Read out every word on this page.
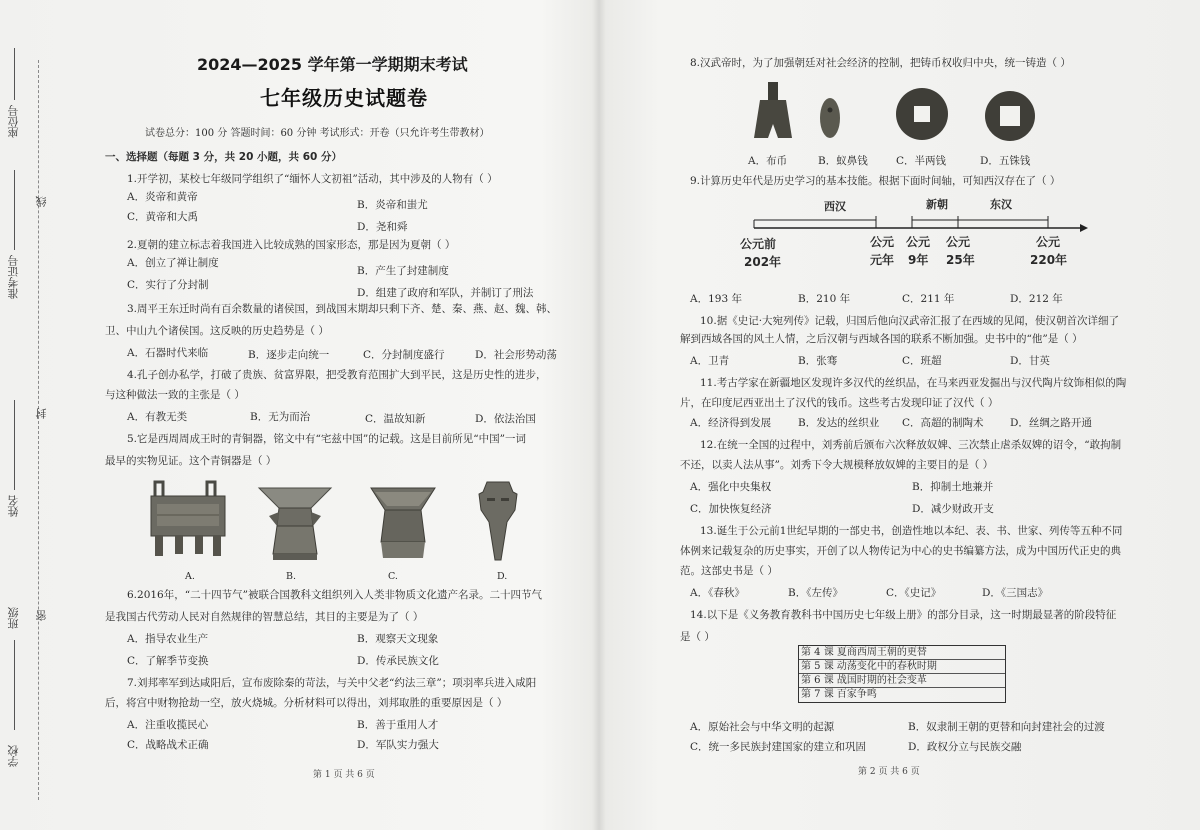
座位号
线
准考证号
封
姓名
班级 密
学校
2024—2025 学年第一学期期末考试
七年级历史试题卷
试卷总分：100 分 答题时间：60 分钟 考试形式：开卷（只允许考生带教材）
一、选择题（每题 3 分，共 20 小题，共 60 分）
1.开学初，某校七年级同学组织了“缅怀人文初祖”活动，其中涉及的人物有（ ）
A．炎帝和黄帝
B．炎帝和蚩尤
C．黄帝和大禹
D．尧和舜
2.夏朝的建立标志着我国进入比较成熟的国家形态，那是因为夏朝（ ）
A．创立了禅让制度
B．产生了封建制度
C．实行了分封制
D．组建了政府和军队，并制订了刑法
3.周平王东迁时尚有百余数量的诸侯国，到战国末期却只剩下齐、楚、秦、燕、赵、魏、韩、
卫、中山九个诸侯国。这反映的历史趋势是（ ）
A．石器时代来临	B．逐步走向统一	C．分封制度盛行	D．社会形势动荡
4.孔子创办私学，打破了贵族、贫富界限，把受教育范围扩大到平民，这是历史性的进步，
与这种做法一致的主张是（ ）
A．有教无类	B．无为而治	C．温故知新	D．依法治国
5.它是西周周成王时的青铜器，铭文中有“宅兹中国”的记载。这是目前所见“中国”一词
最早的实物见证。这个青铜器是（ ）
A.	B.	C.	D.
6.2016年，“二十四节气”被联合国教科文组织列入人类非物质文化遗产名录。二十四节气
是我国古代劳动人民对自然规律的智慧总结，其目的主要是为了（ ）
A．指导农业生产	B．观察天文现象
C．了解季节变换	D．传承民族文化
7.刘邦率军到达咸阳后，宣布废除秦的苛法，与关中父老“约法三章”；项羽率兵进入咸阳
后，将宫中财物抢劫一空，放火烧城。分析材料可以得出，刘邦取胜的重要原因是（ ）
A．注重收揽民心	B．善于重用人才
C．战略战术正确	D．军队实力强大
第 1 页 共 6 页
8.汉武帝时，为了加强朝廷对社会经济的控制，把铸币权收归中央，统一铸造（ ）
A．布币	B．蚁鼻钱	C．半两钱	D．五铢钱
9.计算历史年代是历史学习的基本技能。根据下面时间轴，可知西汉存在了（ ）
西汉	新朝	东汉
公元前
202年
公元
元年
公元
9年
公元
25年
公元
220年
A．193 年	B．210 年	C．211 年	D．212 年
10.据《史记·大宛列传》记载，归国后他向汉武帝汇报了在西域的见闻，使汉朝首次详细了
解到西域各国的风土人情，之后汉朝与西域各国的联系不断加强。史书中的“他”是（ ）
A．卫青	B．张骞	C．班超	D．甘英
11.考古学家在新疆地区发现许多汉代的丝织品，在马来西亚发掘出与汉代陶片纹饰相似的陶
片，在印度尼西亚出土了汉代的钱币。这些考古发现印证了汉代（ ）
A．经济得到发展	B．发达的丝织业 C．高超的制陶术	D．丝绸之路开通
12.在统一全国的过程中，刘秀前后颁布六次释放奴婢、三次禁止虐杀奴婢的诏令，“敢拘制
不还，以卖人法从事”。刘秀下令大规模释放奴婢的主要目的是（ ）
A．强化中央集权	B．抑制土地兼并
C．加快恢复经济	D．减少财政开支
13.诞生于公元前1世纪早期的一部史书，创造性地以本纪、表、书、世家、列传等五种不同
体例来记载复杂的历史事实，开创了以人物传记为中心的史书编纂方法，成为中国历代正史的典
范。这部史书是（ ）
A．《春秋》	B．《左传》	C．《史记》	D．《三国志》
14.以下是《义务教育教科书中国历史七年级上册》的部分目录，这一时期最显著的阶段特征
是（ ）
第 4 课 夏商西周王朝的更替
第 5 课 动荡变化中的春秋时期
第 6 课 战国时期的社会变革
第 7 课 百家争鸣
A．原始社会与中华文明的起源	B．奴隶制王朝的更替和向封建社会的过渡
C．统一多民族封建国家的建立和巩固	D．政权分立与民族交融
第 2 页 共 6 页
